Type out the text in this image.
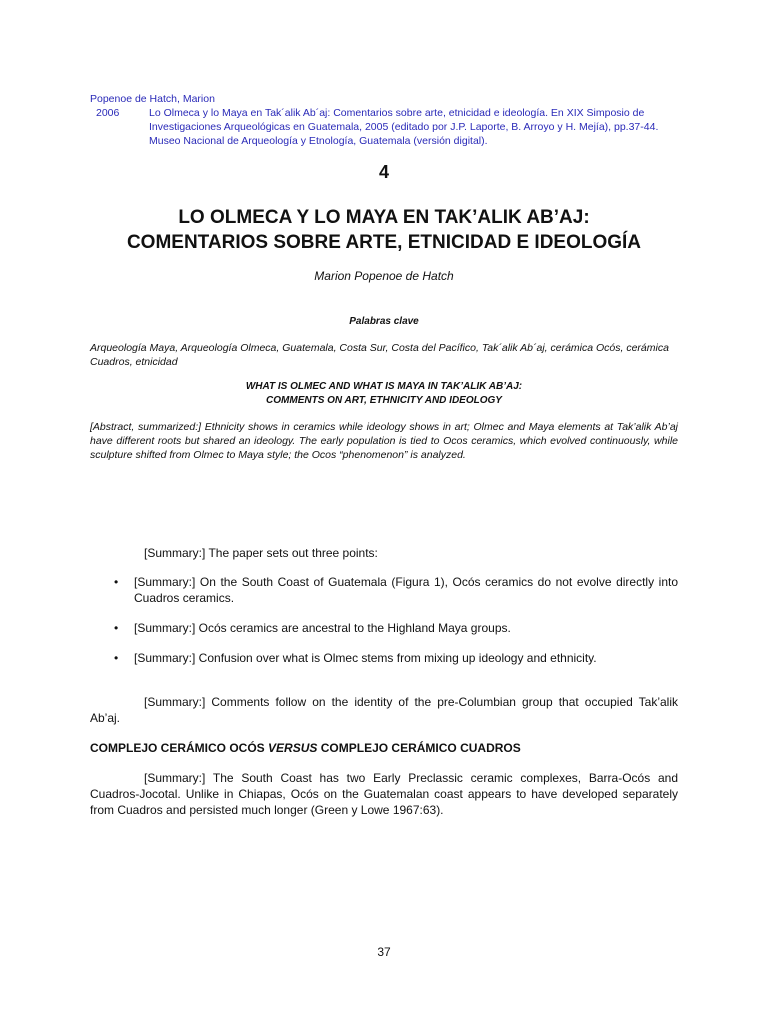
Popenoe de Hatch, Marion
2006	Lo Olmeca y lo Maya en Tak´alik Ab´aj: Comentarios sobre arte, etnicidad e ideología. En XIX Simposio de Investigaciones Arqueológicas en Guatemala, 2005 (editado por J.P. Laporte, B. Arroyo y H. Mejía), pp.37-44. Museo Nacional de Arqueología y Etnología, Guatemala (versión digital).
4
LO OLMECA Y LO MAYA EN TAK’ALIK AB’AJ:
COMENTARIOS SOBRE ARTE, ETNICIDAD E IDEOLOGÍA
Marion Popenoe de Hatch
Palabras clave
Arqueología Maya, Arqueología Olmeca, Guatemala, Costa Sur, Costa del Pacífico, Tak´alik Ab´aj, cerámica Ocós, cerámica Cuadros, etnicidad
WHAT IS OLMEC AND WHAT IS MAYA IN TAK’ALIK AB’AJ:
COMMENTS ON ART, ETHNICITY AND IDEOLOGY
[Abstract, summarized:] Ethnicity shows in ceramics while ideology shows in art; Olmec and Maya elements at Tak’alik Ab’aj have different roots but shared an ideology. The early population is tied to Ocos ceramics, which evolved continuously, while sculpture shifted from Olmec to Maya style; the Ocos “phenomenon” is analyzed.
[Summary:] The paper sets out three points:
•	[Summary:] On the South Coast of Guatemala (Figura 1), Ocós ceramics do not evolve directly into Cuadros ceramics.
•	[Summary:] Ocós ceramics are ancestral to the Highland Maya groups.
•	[Summary:] Confusion over what is Olmec stems from mixing up ideology and ethnicity.
[Summary:] Comments follow on the identity of the pre-Columbian group that occupied Tak’alik Ab’aj.
COMPLEJO CERÁMICO OCÓS VERSUS COMPLEJO CERÁMICO CUADROS
[Summary:] The South Coast has two Early Preclassic ceramic complexes, Barra-Ocós and Cuadros-Jocotal. Unlike in Chiapas, Ocós on the Guatemalan coast appears to have developed separately from Cuadros and persisted much longer (Green y Lowe 1967:63).
37
